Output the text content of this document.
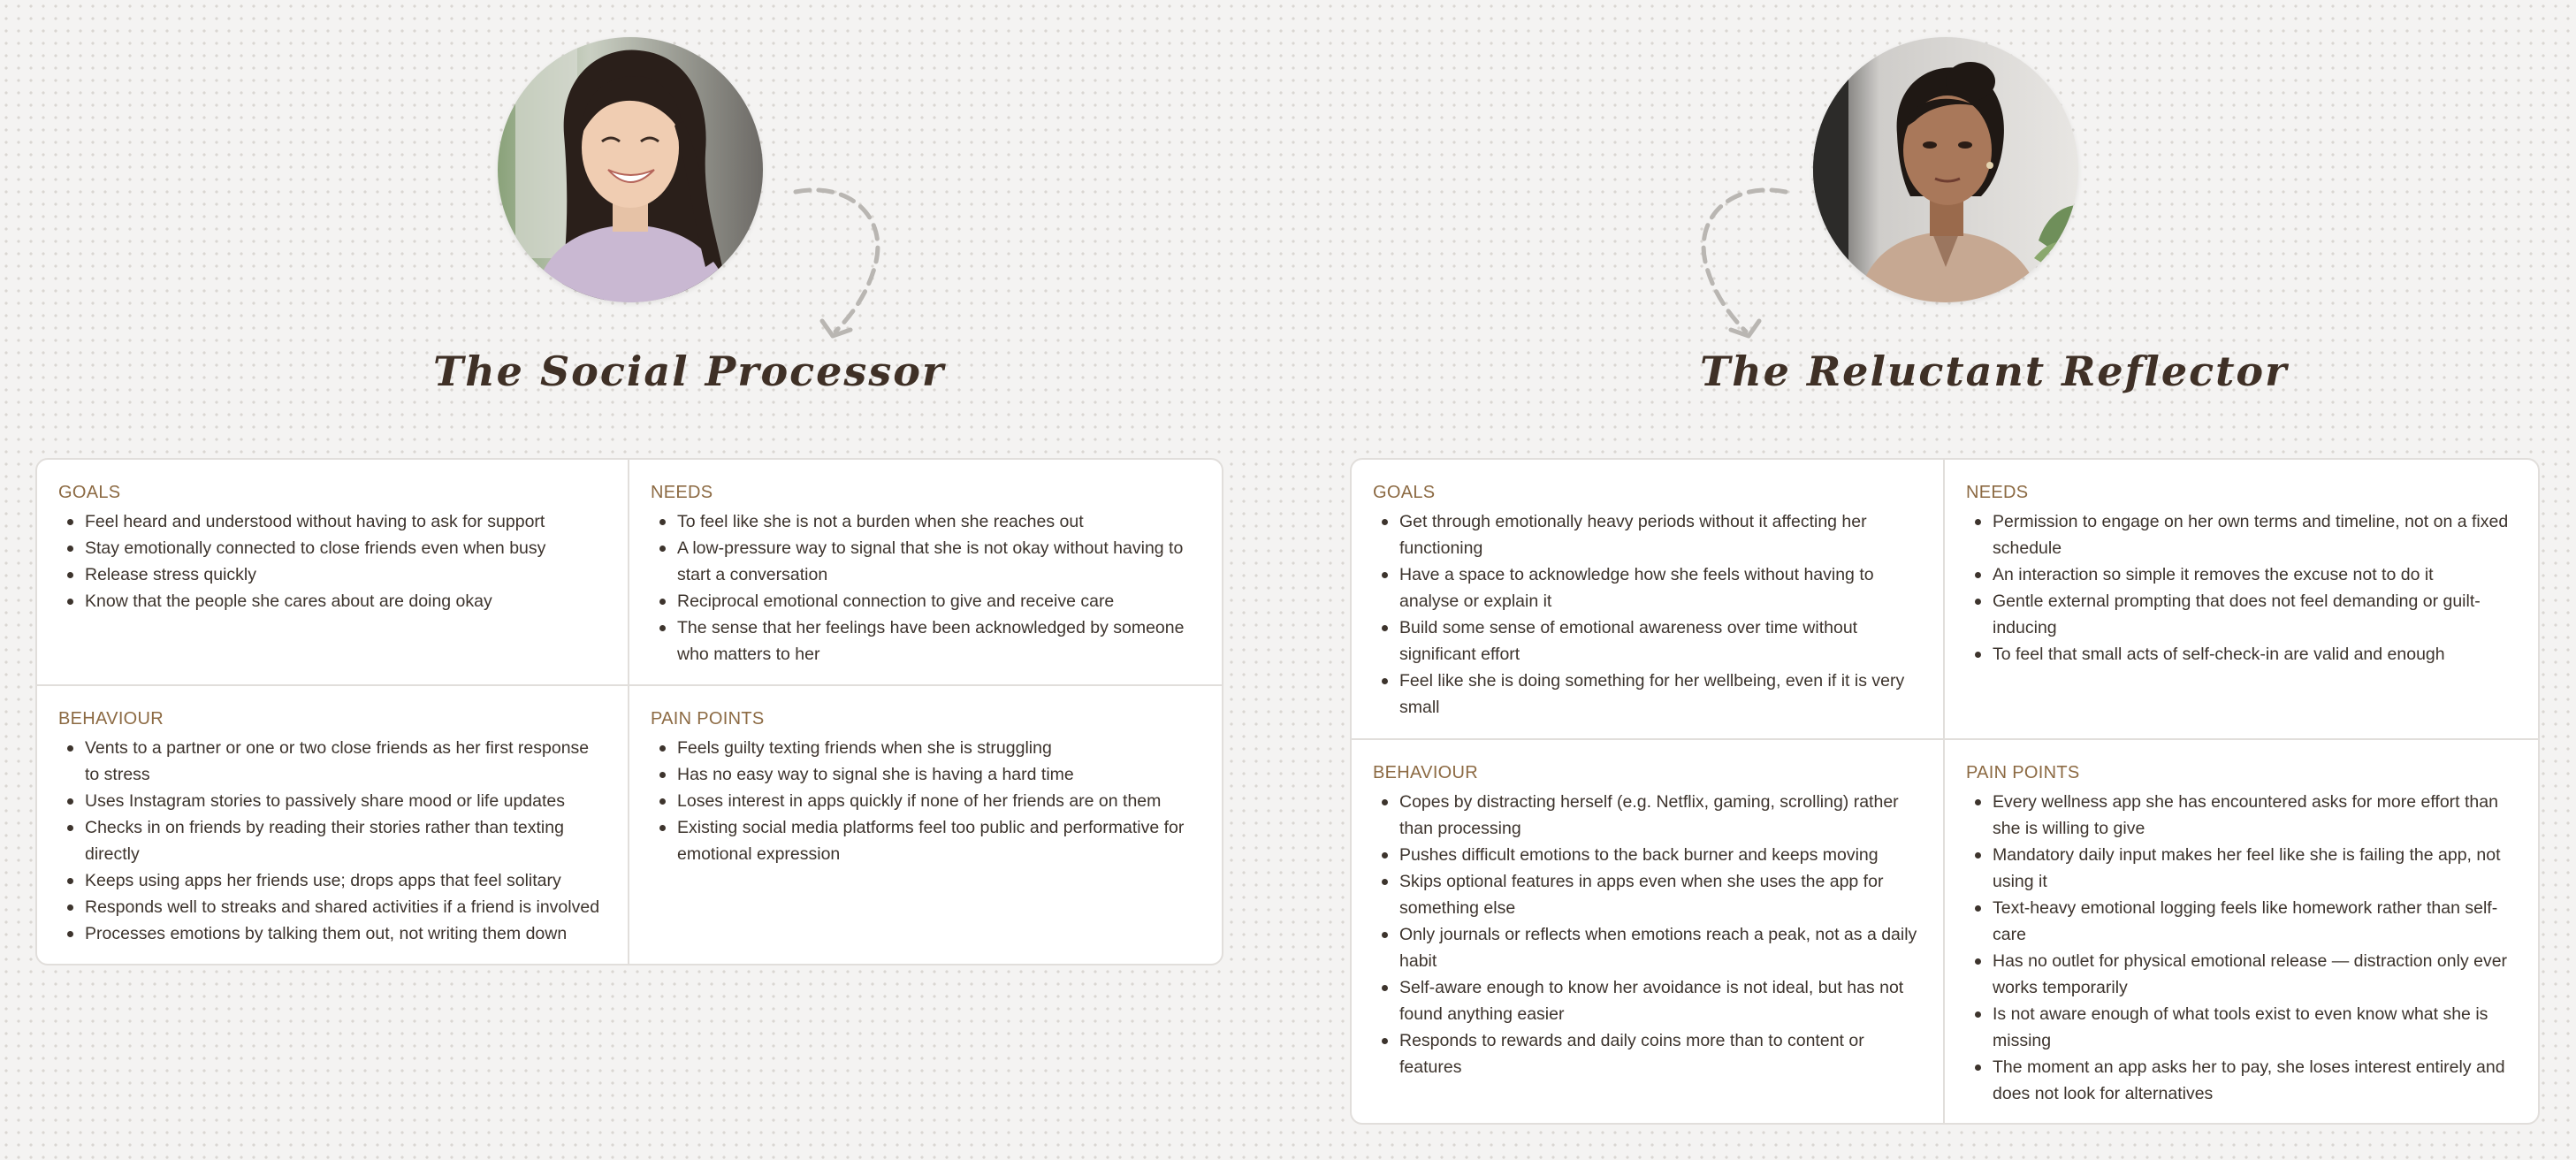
The Social Processor
GOALS
Feel heard and understood without having to ask for support
Stay emotionally connected to close friends even when busy
Release stress quickly
Know that the people she cares about are doing okay
NEEDS
To feel like she is not a burden when she reaches out
A low-pressure way to signal that she is not okay without having to start a conversation
Reciprocal emotional connection to give and receive care
The sense that her feelings have been acknowledged by someone who matters to her
BEHAVIOUR
Vents to a partner or one or two close friends as her first response to stress
Uses Instagram stories to passively share mood or life updates
Checks in on friends by reading their stories rather than texting directly
Keeps using apps her friends use; drops apps that feel solitary
Responds well to streaks and shared activities if a friend is involved
Processes emotions by talking them out, not writing them down
PAIN POINTS
Feels guilty texting friends when she is struggling
Has no easy way to signal she is having a hard time
Loses interest in apps quickly if none of her friends are on them
Existing social media platforms feel too public and performative for emotional expression
The Reluctant Reflector
GOALS
Get through emotionally heavy periods without it affecting her functioning
Have a space to acknowledge how she feels without having to analyse or explain it
Build some sense of emotional awareness over time without significant effort
Feel like she is doing something for her wellbeing, even if it is very small
NEEDS
Permission to engage on her own terms and timeline, not on a fixed schedule
An interaction so simple it removes the excuse not to do it
Gentle external prompting that does not feel demanding or guilt-inducing
To feel that small acts of self-check-in are valid and enough
BEHAVIOUR
Copes by distracting herself (e.g. Netflix, gaming, scrolling) rather than processing
Pushes difficult emotions to the back burner and keeps moving
Skips optional features in apps even when she uses the app for something else
Only journals or reflects when emotions reach a peak, not as a daily habit
Self-aware enough to know her avoidance is not ideal, but has not found anything easier
Responds to rewards and daily coins more than to content or features
PAIN POINTS
Every wellness app she has encountered asks for more effort than she is willing to give
Mandatory daily input makes her feel like she is failing the app, not using it
Text-heavy emotional logging feels like homework rather than self-care
Has no outlet for physical emotional release — distraction only ever works temporarily
Is not aware enough of what tools exist to even know what she is missing
The moment an app asks her to pay, she loses interest entirely and does not look for alternatives
